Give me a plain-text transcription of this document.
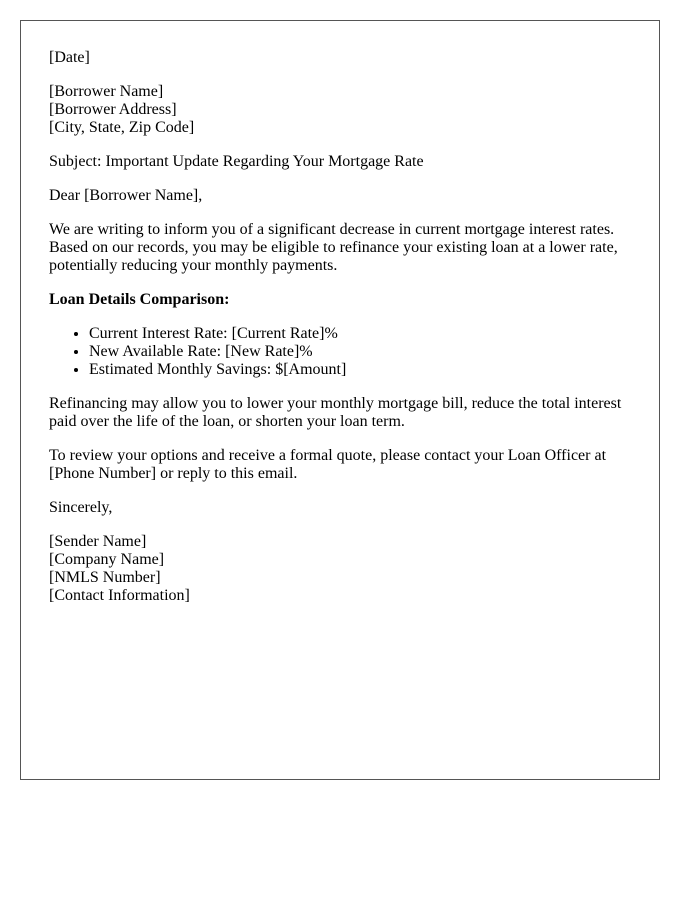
[Date]

[Borrower Name]
[Borrower Address]
[City, State, Zip Code]

Subject: Important Update Regarding Your Mortgage Rate

Dear [Borrower Name],

We are writing to inform you of a significant decrease in current mortgage interest rates. Based on our records, you may be eligible to refinance your existing loan at a lower rate, potentially reducing your monthly payments.

Loan Details Comparison:

• Current Interest Rate: [Current Rate]%
• New Available Rate: [New Rate]%
• Estimated Monthly Savings: $[Amount]

Refinancing may allow you to lower your monthly mortgage bill, reduce the total interest paid over the life of the loan, or shorten your loan term.

To review your options and receive a formal quote, please contact your Loan Officer at [Phone Number] or reply to this email.

Sincerely,

[Sender Name]
[Company Name]
[NMLS Number]
[Contact Information]
